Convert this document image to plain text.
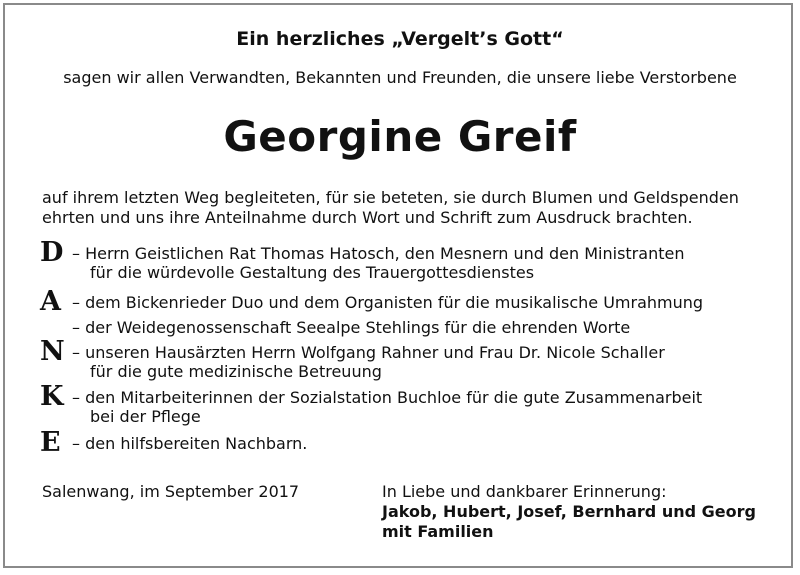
Ein herzliches „Vergelt’s Gott“
sagen wir allen Verwandten, Bekannten und Freunden, die unsere liebe Verstorbene
Georgine Greif
auf ihrem letzten Weg begleiteten, für sie beteten, sie durch Blumen und Geldspenden
ehrten und uns ihre Anteilnahme durch Wort und Schrift zum Ausdruck brachten.
D – Herrn Geistlichen Rat Thomas Hatosch, den Mesnern und den Ministranten
für die würdevolle Gestaltung des Trauergottesdienstes
A – dem Bickenrieder Duo und dem Organisten für die musikalische Umrahmung
– der Weidegenossenschaft Seealpe Stehlings für die ehrenden Worte
N – unseren Hausärzten Herrn Wolfgang Rahner und Frau Dr. Nicole Schaller
für die gute medizinische Betreuung
K – den Mitarbeiterinnen der Sozialstation Buchloe für die gute Zusammenarbeit
bei der Pflege
E – den hilfsbereiten Nachbarn.
Salenwang, im September 2017	In Liebe und dankbarer Erinnerung:
Jakob, Hubert, Josef, Bernhard und Georg
mit Familien
